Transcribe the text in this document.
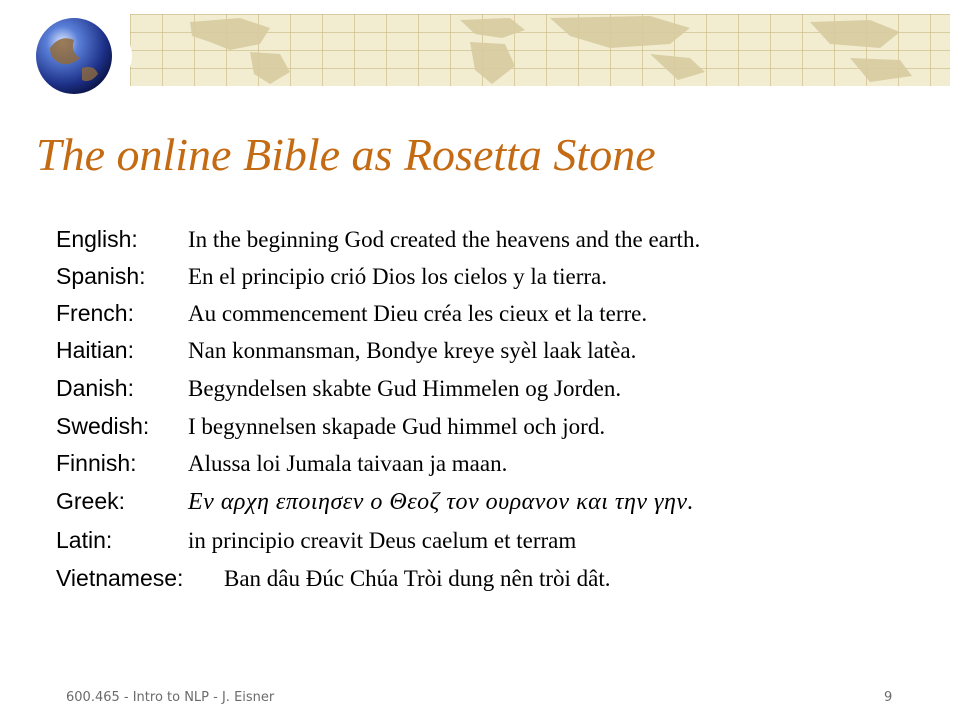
The online Bible as Rosetta Stone
English: In the beginning God created the heavens and the earth.
Spanish: En el principio crió Dios los cielos y la tierra.
French: Au commencement Dieu créa les cieux et la terre.
Haitian: Nan konmansman, Bondye kreye syèl laak latèa.
Danish: Begyndelsen skabte Gud Himmelen og Jorden.
Swedish: I begynnelsen skapade Gud himmel och jord.
Finnish: Alussa loi Jumala taivaan ja maan.
Greek:	Εν αρχη εποιησεν ο Θεοζ τον ουρανον και την γην.
Latin:	in principio creavit Deus caelum et terram
Vietnamese: Ban dâu Đúc Chúa Tròi dung nên tròi dât.
600.465 - Intro to NLP - J. Eisner	9
